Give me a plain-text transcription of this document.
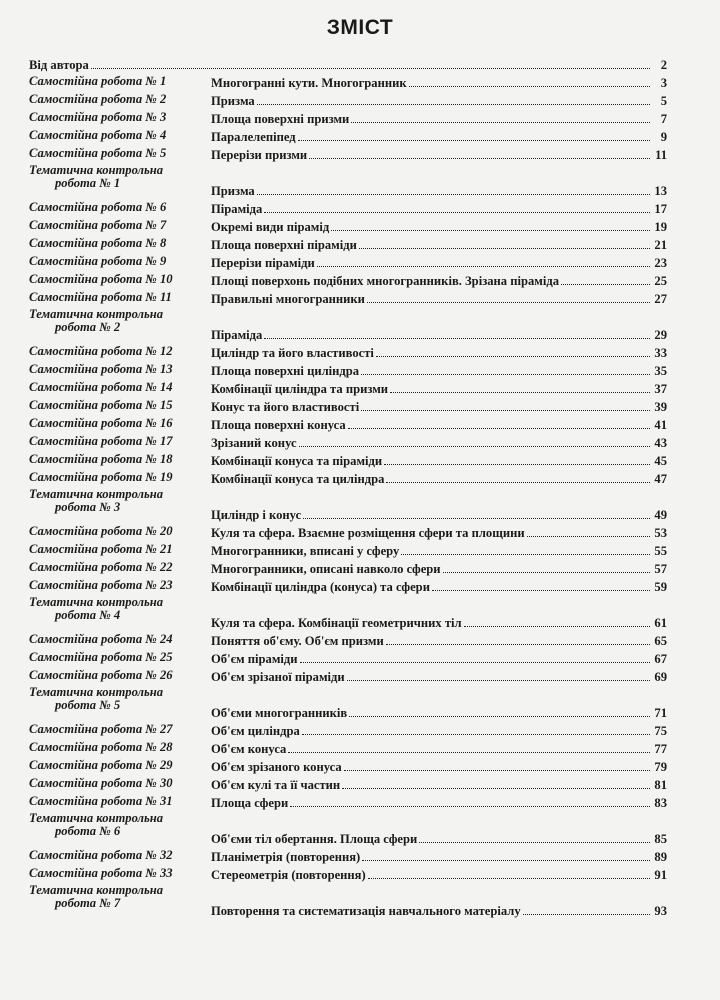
ЗМІСТ
Від автора	2
Самостійна робота № 1	Многогранні кути. Многогранник	3
Самостійна робота № 2	Призма	5
Самостійна робота № 3	Площа поверхні призми	7
Самостійна робота № 4	Паралелепіпед	9
Самостійна робота № 5	Перерізи призми	11
Тематична контрольна
робота № 1
Призма	13
Самостійна робота № 6	Піраміда	17
Самостійна робота № 7	Окремі види пірамід	19
Самостійна робота № 8	Площа поверхні піраміди	21
Самостійна робота № 9	Перерізи піраміди	23
Самостійна робота № 10	Площі поверхонь подібних многогранників. Зрізана піраміда	25
Самостійна робота № 11	Правильні многогранники	27
Тематична контрольна
робота № 2
Піраміда	29
Самостійна робота № 12	Циліндр та його властивості	33
Самостійна робота № 13	Площа поверхні циліндра	35
Самостійна робота № 14	Комбінації циліндра та призми	37
Самостійна робота № 15	Конус та його властивості	39
Самостійна робота № 16	Площа поверхні конуса	41
Самостійна робота № 17	Зрізаний конус	43
Самостійна робота № 18	Комбінації конуса та піраміди	45
Самостійна робота № 19	Комбінації конуса та циліндра	47
Тематична контрольна
робота № 3
Циліндр і конус	49
Самостійна робота № 20	Куля та сфера. Взаємне розміщення сфери та площини	53
Самостійна робота № 21	Многогранники, вписані у сферу	55
Самостійна робота № 22	Многогранники, описані навколо сфери	57
Самостійна робота № 23	Комбінації циліндра (конуса) та сфери	59
Тематична контрольна
робота № 4
Куля та сфера. Комбінації геометричних тіл	61
Самостійна робота № 24	Поняття об'єму. Об'єм призми	65
Самостійна робота № 25	Об'єм піраміди	67
Самостійна робота № 26	Об'єм зрізаної піраміди	69
Тематична контрольна
робота № 5
Об'єми многогранників	71
Самостійна робота № 27	Об'єм циліндра	75
Самостійна робота № 28	Об'єм конуса	77
Самостійна робота № 29	Об'єм зрізаного конуса	79
Самостійна робота № 30	Об'єм кулі та її частин	81
Самостійна робота № 31	Площа сфери	83
Тематична контрольна
робота № 6
Об'єми тіл обертання. Площа сфери	85
Самостійна робота № 32	Планіметрія (повторення)	89
Самостійна робота № 33	Стереометрія (повторення)	91
Тематична контрольна
робота № 7
Повторення та систематизація навчального матеріалу	93
